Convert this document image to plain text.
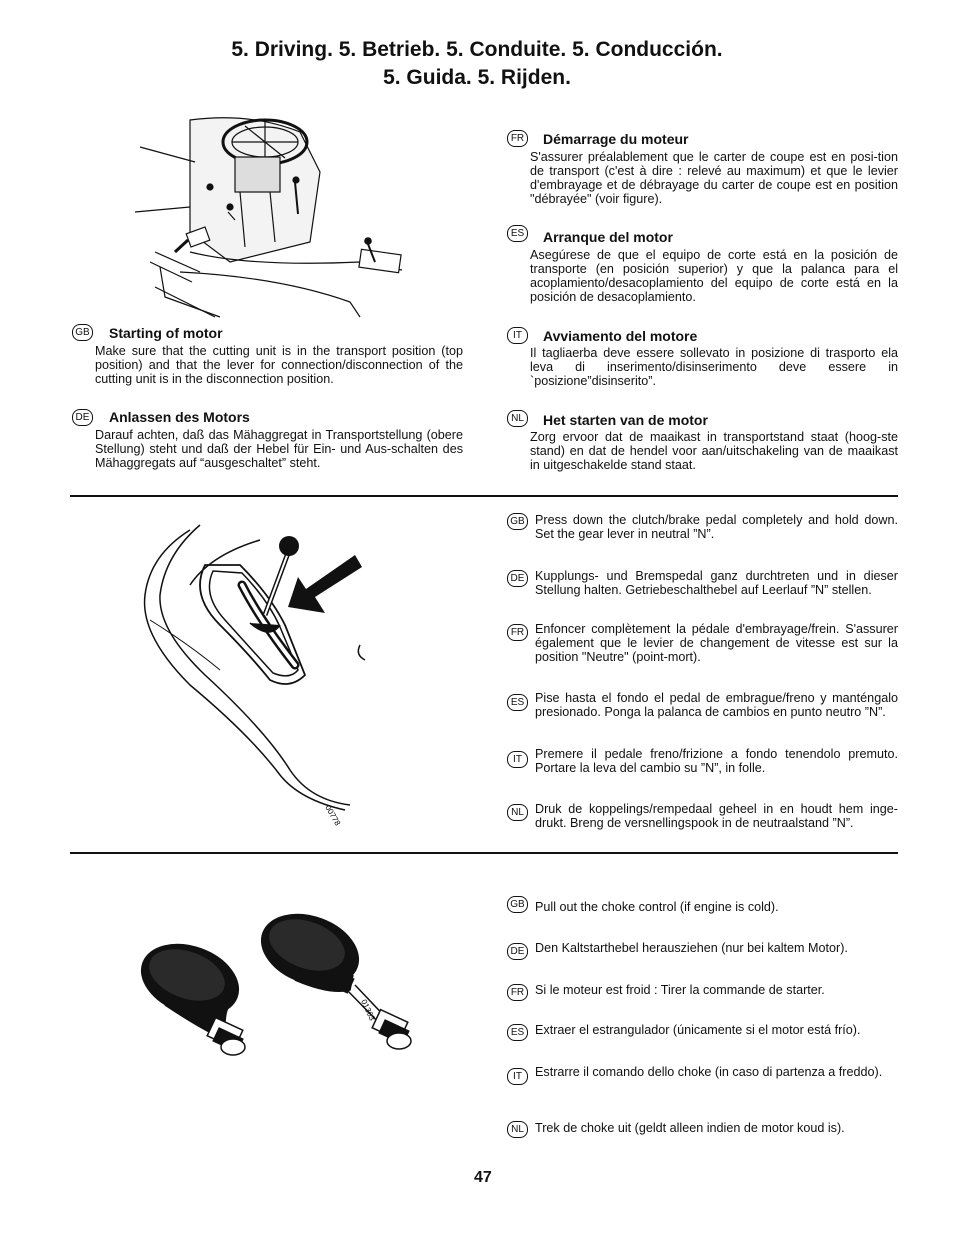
5. Driving. 5. Betrieb. 5. Conduite. 5. Conducción.
5. Guida. 5. Rijden.
GB Starting of motor
Make sure that the cutting unit is in the transport position (top position) and that the lever for connection/disconnection of the cutting unit is in the disconnection position.
DE Anlassen des Motors
Darauf achten, daß das Mähaggregat in Transportstellung (obere Stellung) steht und daß der Hebel für Ein- und Aus-schalten des Mähaggregats auf “ausgeschaltet” steht.
FR Démarrage du moteur
S'assurer préalablement que le carter de coupe est en posi-tion de transport (c'est à dire : relevé au maximum) et que le levier d'embrayage et de débrayage du carter de coupe est en position "débrayée" (voir figure).
ES Arranque del motor
Asegúrese de que el equipo de corte está en la posición de transporte (en posición superior) y que la palanca para el acoplamiento/desacoplamiento del equipo de corte está en la posición de desacoplamiento.
IT	Avviamento del motore
Il tagliaerba deve essere sollevato in posizione di trasporto ela leva di inserimento/disinserimento deve essere in `posizione”disinserito”.
NL Het starten van de motor
Zorg ervoor dat de maaikast in transportstand staat (hoog-ste stand) en dat de hendel voor aan/uitschakeling van de maaikast in uitgeschakelde stand staat.
00778
GB Press down the clutch/brake pedal completely and hold down. Set the gear lever in neutral ”N”.
DE Kupplungs- und Bremspedal ganz durchtreten und in dieser Stellung halten. Getriebeschalthebel auf Leerlauf ”N” stellen.
FR Enfoncer complètement la pédale d'embrayage/frein. S'assurer également que le levier de changement de vitesse est sur la position "Neutre" (point-mort).
ES Pise hasta el fondo el pedal de embrague/freno y manténgalo presionado. Ponga la palanca de cambios en punto neutro ”N”.
IT	Premere il pedale freno/frizione a fondo tenendolo premuto. Portare la leva del cambio su ”N”, in folle.
NL Druk de koppelings/rempedaal geheel in en houdt hem inge-drukt. Breng de versnellingspook in de neutraalstand ”N”.
01363
GB Pull out the choke control (if engine is cold).
DE Den Kaltstarthebel herausziehen (nur bei kaltem Motor).
FR Si le moteur est froid : Tirer la commande de starter.
ES Extraer el estrangulador (únicamente si el motor está frío).
IT	Estrarre il comando dello choke (in caso di partenza a freddo).
NL Trek de choke uit (geldt alleen indien de motor koud is).
47
